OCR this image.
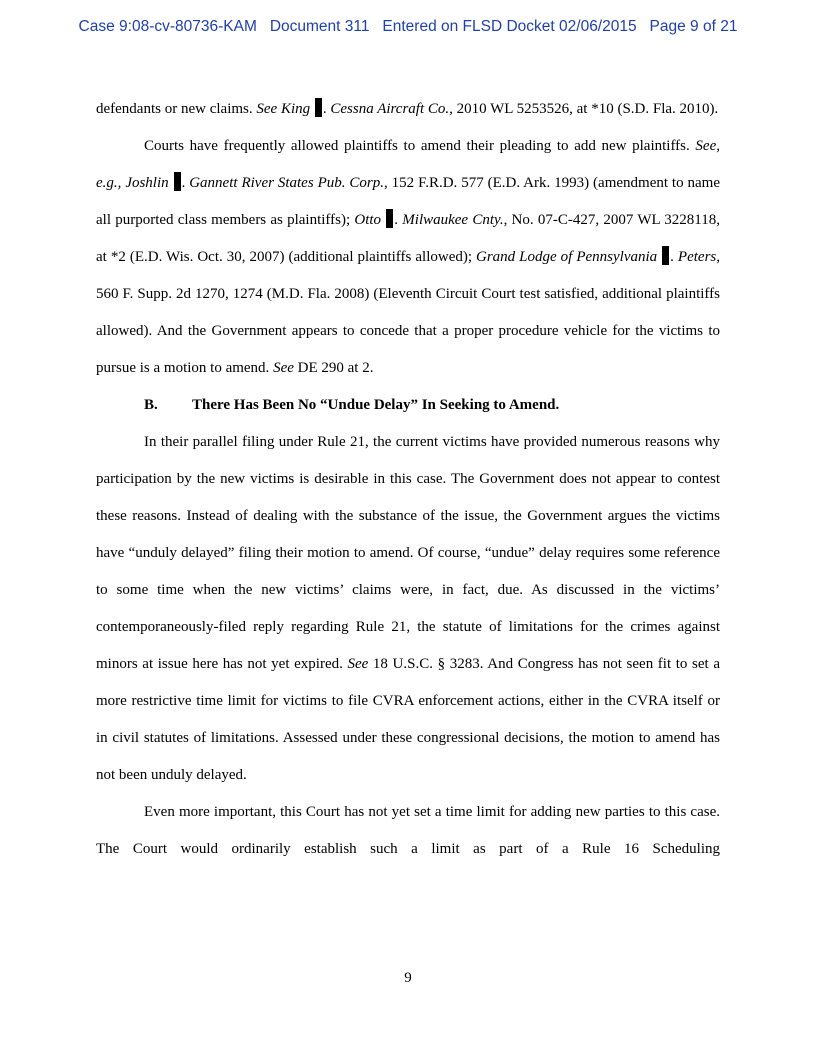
Case 9:08-cv-80736-KAM Document 311 Entered on FLSD Docket 02/06/2015 Page 9 of 21

defendants or new claims. See King . Cessna Aircraft Co., 2010 WL 5253526, at *10 (S.D. Fla. 2010).

Courts have frequently allowed plaintiffs to amend their pleading to add new plaintiffs. See, e.g., Joshlin . Gannett River States Pub. Corp., 152 F.R.D. 577 (E.D. Ark. 1993) (amendment to name all purported class members as plaintiffs); Otto . Milwaukee Cnty., No. 07-C-427, 2007 WL 3228118, at *2 (E.D. Wis. Oct. 30, 2007) (additional plaintiffs allowed); Grand Lodge of Pennsylvania . Peters, 560 F. Supp. 2d 1270, 1274 (M.D. Fla. 2008) (Eleventh Circuit Court test satisfied, additional plaintiffs allowed). And the Government appears to concede that a proper procedure vehicle for the victims to pursue is a motion to amend. See DE 290 at 2.

B. There Has Been No “Undue Delay” In Seeking to Amend.

In their parallel filing under Rule 21, the current victims have provided numerous reasons why participation by the new victims is desirable in this case. The Government does not appear to contest these reasons. Instead of dealing with the substance of the issue, the Government argues the victims have “unduly delayed” filing their motion to amend. Of course, “undue” delay requires some reference to some time when the new victims’ claims were, in fact, due. As discussed in the victims’ contemporaneously-filed reply regarding Rule 21, the statute of limitations for the crimes against minors at issue here has not yet expired. See 18 U.S.C. § 3283. And Congress has not seen fit to set a more restrictive time limit for victims to file CVRA enforcement actions, either in the CVRA itself or in civil statutes of limitations. Assessed under these congressional decisions, the motion to amend has not been unduly delayed.

Even more important, this Court has not yet set a time limit for adding new parties to this case. The Court would ordinarily establish such a limit as part of a Rule 16 Scheduling

9
